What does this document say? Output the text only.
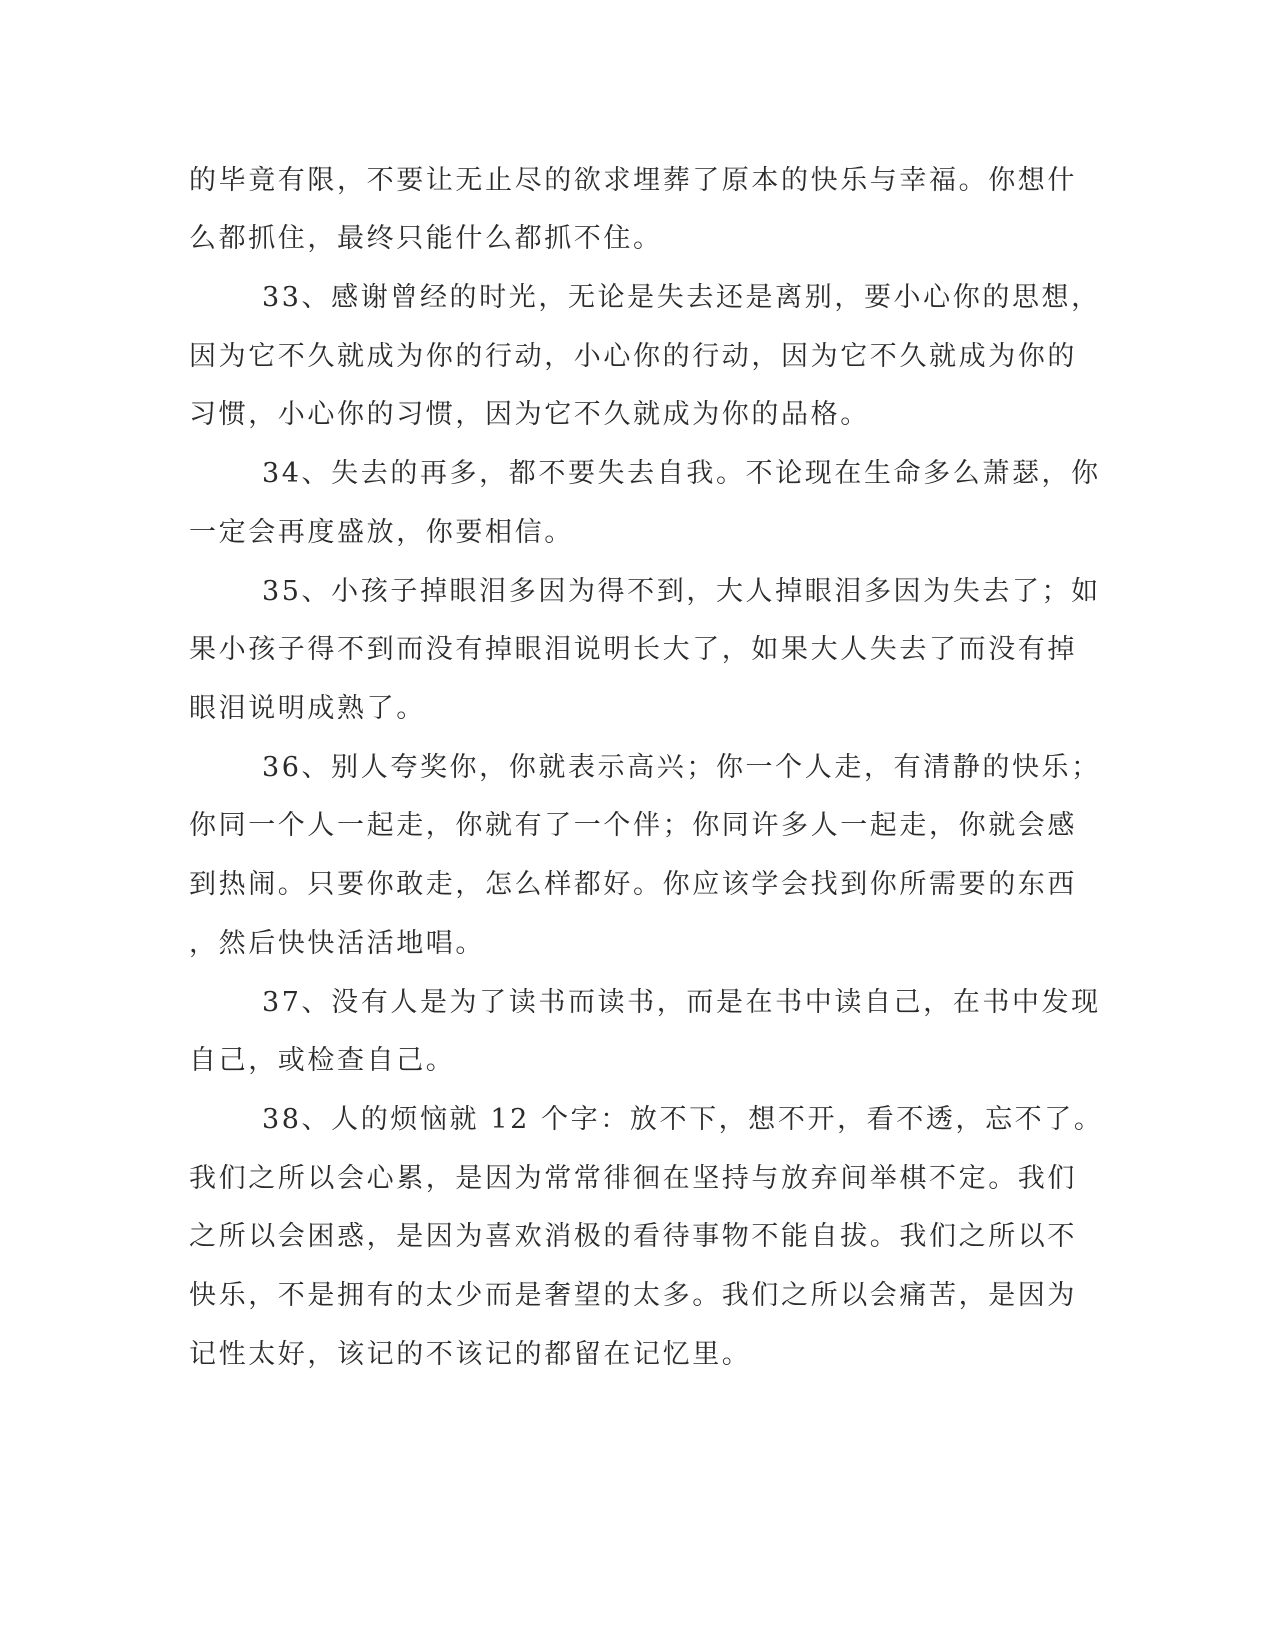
的毕竟有限，不要让无止尽的欲求埋葬了原本的快乐与幸福。你想什

么都抓住，最终只能什么都抓不住。

33、感谢曾经的时光，无论是失去还是离别，要小心你的思想，

因为它不久就成为你的行动，小心你的行动，因为它不久就成为你的

习惯，小心你的习惯，因为它不久就成为你的品格。

34、失去的再多，都不要失去自我。不论现在生命多么萧瑟，你

一定会再度盛放，你要相信。

35、小孩子掉眼泪多因为得不到，大人掉眼泪多因为失去了；如

果小孩子得不到而没有掉眼泪说明长大了，如果大人失去了而没有掉

眼泪说明成熟了。

36、别人夸奖你，你就表示高兴；你一个人走，有清静的快乐；

你同一个人一起走，你就有了一个伴；你同许多人一起走，你就会感

到热闹。只要你敢走，怎么样都好。你应该学会找到你所需要的东西

，然后快快活活地唱。

37、没有人是为了读书而读书，而是在书中读自己，在书中发现

自己，或检查自己。

38、人的烦恼就 12 个字：放不下，想不开，看不透，忘不了。

我们之所以会心累，是因为常常徘徊在坚持与放弃间举棋不定。我们

之所以会困惑，是因为喜欢消极的看待事物不能自拔。我们之所以不

快乐，不是拥有的太少而是奢望的太多。我们之所以会痛苦，是因为

记性太好，该记的不该记的都留在记忆里。
